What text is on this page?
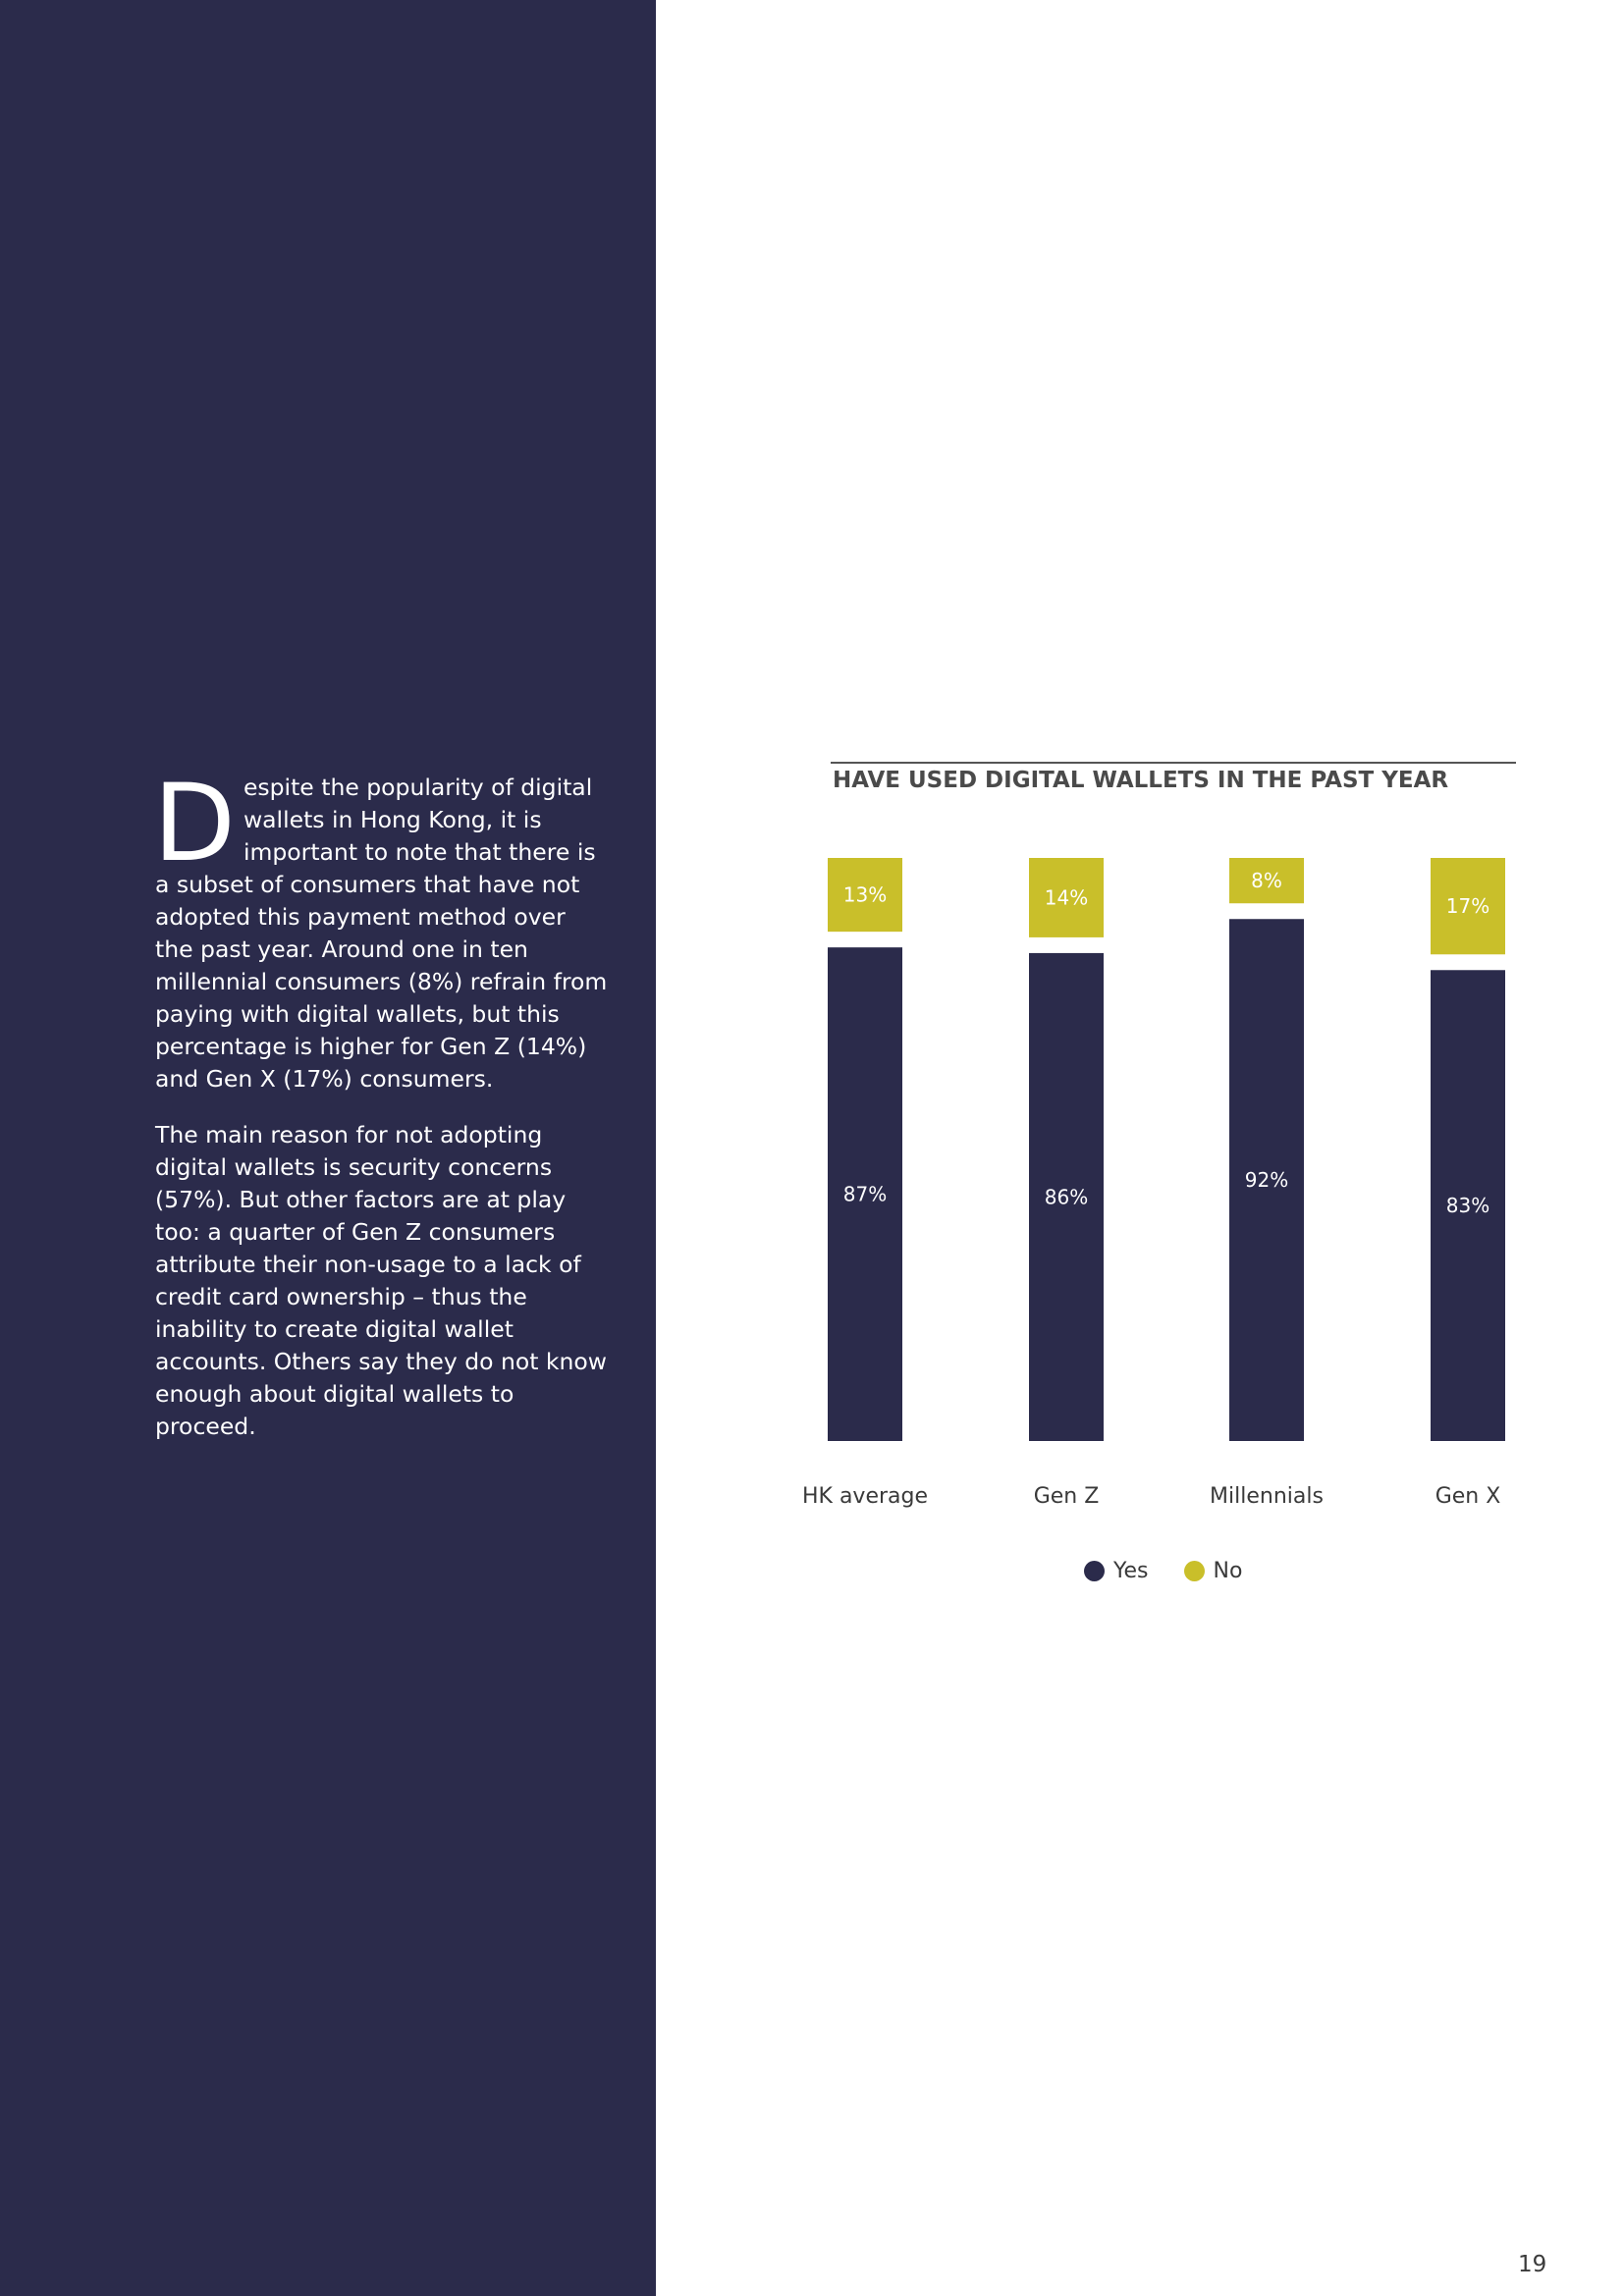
Despite the popularity of digital wallets in Hong Kong, it is important to note that there is a subset of consumers that have not adopted this payment method over the past year. Around one in ten millennial consumers (8%) refrain from paying with digital wallets, but this percentage is higher for Gen Z (14%) and Gen X (17%) consumers.

The main reason for not adopting digital wallets is security concerns (57%). But other factors are at play too: a quarter of Gen Z consumers attribute their non-usage to a lack of credit card ownership – thus the inability to create digital wallet accounts. Others say they do not know enough about digital wallets to proceed.

HAVE USED DIGITAL WALLETS IN THE PAST YEAR
87%
13%
HK average
86%
14%
Gen Z
92%
8%
Millennials
83%
17%
Gen X
Yes	No
19
